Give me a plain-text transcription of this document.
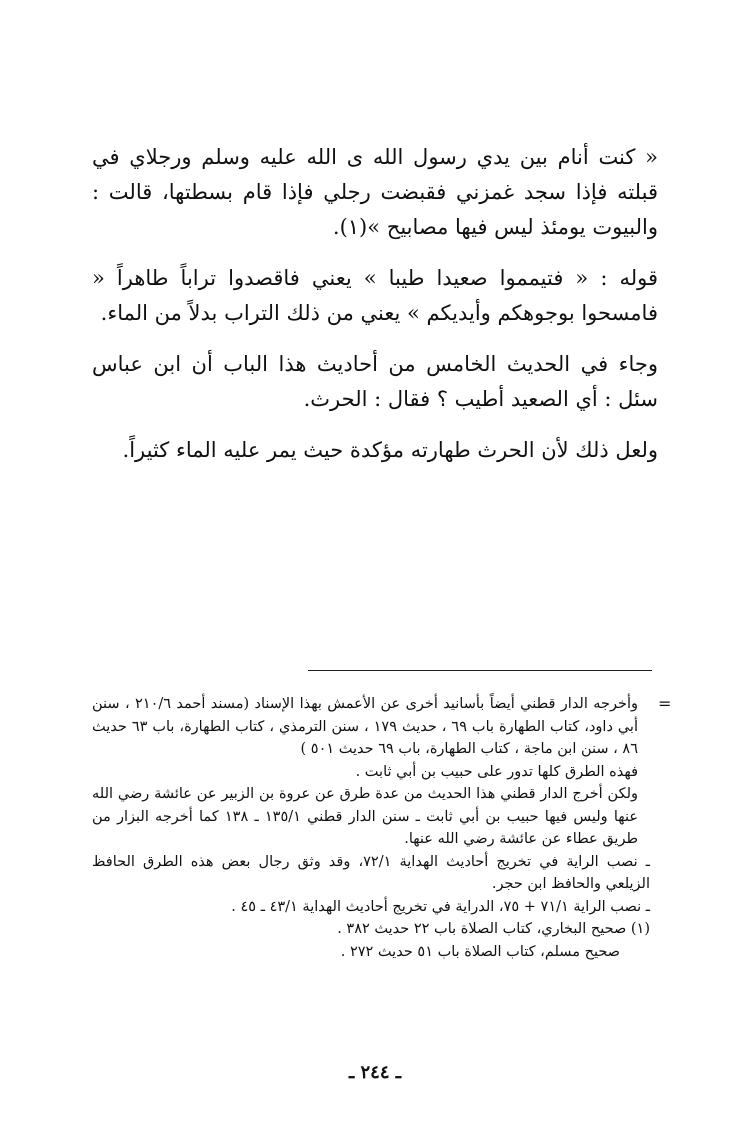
« كنت أنام بين يدي رسول الله ى الله عليه وسلم ورجلاي في قبلته فإذا سجد غمزني فقبضت رجلي فإذا قام بسطتها، قالت : والبيوت يومئذ ليس فيها مصابيح »(١).

قوله : « فتيمموا صعيدا طيبا » يعني فاقصدوا تراباً طاهراً « فامسحوا بوجوهكم وأيديكم » يعني من ذلك التراب بدلاً من الماء.

وجاء في الحديث الخامس من أحاديث هذا الباب أن ابن عباس سئل : أي الصعيد أطيب ؟ فقال : الحرث.

ولعل ذلك لأن الحرث طهارته مؤكدة حيث يمر عليه الماء كثيراً.

=

وأخرجه الدار قطني أيضاً بأسانيد أخرى عن الأعمش بهذا الإسناد (مسند أحمد ٢١٠/٦ ، سنن أبي داود، كتاب الطهارة باب ٦٩ ، حديث ١٧٩ ، سنن الترمذي ، كتاب الطهارة، باب ٦٣ حديث ٨٦ ، سنن ابن ماجة ، كتاب الطهارة، باب ٦٩ حديث ٥٠١ )

فهذه الطرق كلها تدور على حبيب بن أبي ثابت .

ولكن أخرج الدار قطني هذا الحديث من عدة طرق عن عروة بن الزبير عن عائشة رضي الله عنها وليس فيها حبيب بن أبي ثابت ـ سنن الدار قطني ١٣٥/١ ـ ١٣٨ كما أخرجه البزار من طريق عطاء عن عائشة رضي الله عنها.

ـ نصب الراية في تخريج أحاديث الهداية ٧٢/١، وقد وثق رجال بعض هذه الطرق الحافظ الزيلعي والحافظ ابن حجر.

ـ نصب الراية ٧١/١ + ٧٥، الدراية في تخريج أحاديث الهداية ٤٣/١ ـ ٤٥ .

(١) صحيح البخاري، كتاب الصلاة باب ٢٢ حديث ٣٨٢ .

صحيح مسلم، كتاب الصلاة باب ٥١ حديث ٢٧٢ .

ـ ٢٤٤ ـ
